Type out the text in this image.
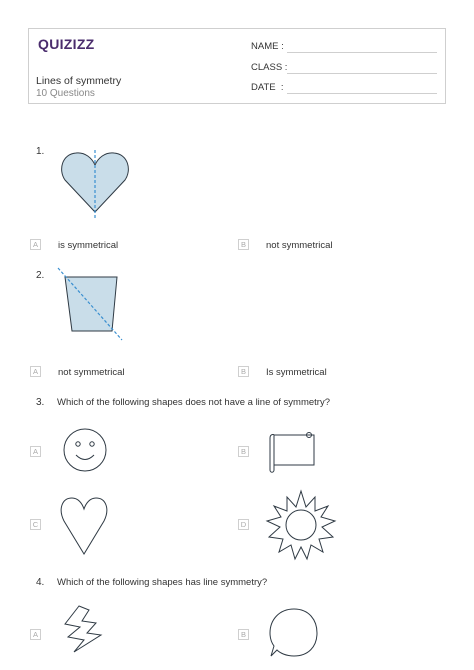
QUIZIZZ
Lines of symmetry
10 Questions
NAME :
CLASS :
DATE  :
1.
A	is symmetrical	B	not symmetrical
2.
A	not symmetrical	B	Is symmetrical
3. Which of the following shapes does not have a line of symmetry?
A	B
C	D
4. Which of the following shapes has line symmetry?
A	B
